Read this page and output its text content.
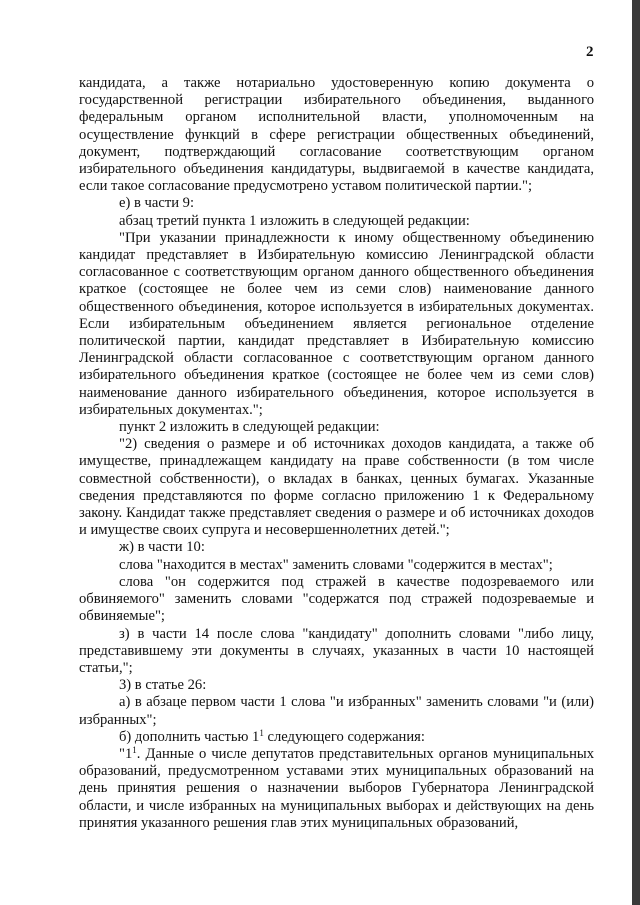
2

кандидата, а также нотариально удостоверенную копию документа о государственной регистрации избирательного объединения, выданного федеральным органом исполнительной власти, уполномоченным на осуществление функций в сфере регистрации общественных объединений, документ, подтверждающий согласование соответствующим органом избирательного объединения кандидатуры, выдвигаемой в качестве кандидата, если такое согласование предусмотрено уставом политической партии.";

е) в части 9:

абзац третий пункта 1 изложить в следующей редакции:

"При указании принадлежности к иному общественному объединению кандидат представляет в Избирательную комиссию Ленинградской области согласованное с соответствующим органом данного общественного объединения краткое (состоящее не более чем из семи слов) наименование данного общественного объединения, которое используется в избирательных документах. Если избирательным объединением является региональное отделение политической партии, кандидат представляет в Избирательную комиссию Ленинградской области согласованное с соответствующим органом данного избирательного объединения краткое (состоящее не более чем из семи слов) наименование данного избирательного объединения, которое используется в избирательных документах.";

пункт 2 изложить в следующей редакции:

"2) сведения о размере и об источниках доходов кандидата, а также об имуществе, принадлежащем кандидату на праве собственности (в том числе совместной собственности), о вкладах в банках, ценных бумагах. Указанные сведения представляются по форме согласно приложению 1 к Федеральному закону. Кандидат также представляет сведения о размере и об источниках доходов и имуществе своих супруга и несовершеннолетних детей.";

ж) в части 10:

слова "находится в местах" заменить словами "содержится в местах";

слова "он содержится под стражей в качестве подозреваемого или обвиняемого" заменить словами "содержатся под стражей подозреваемые и обвиняемые";

з) в части 14 после слова "кандидату" дополнить словами "либо лицу, представившему эти документы в случаях, указанных в части 10 настоящей статьи,";

3) в статье 26:

а) в абзаце первом части 1 слова "и избранных" заменить словами "и (или) избранных";

б) дополнить частью $1^1$ следующего содержания:

"$1^1$. Данные о числе депутатов представительных органов муниципальных образований, предусмотренном уставами этих муниципальных образований на день принятия решения о назначении выборов Губернатора Ленинградской области, и числе избранных на муниципальных выборах и действующих на день принятия указанного решения глав этих муниципальных образований,
